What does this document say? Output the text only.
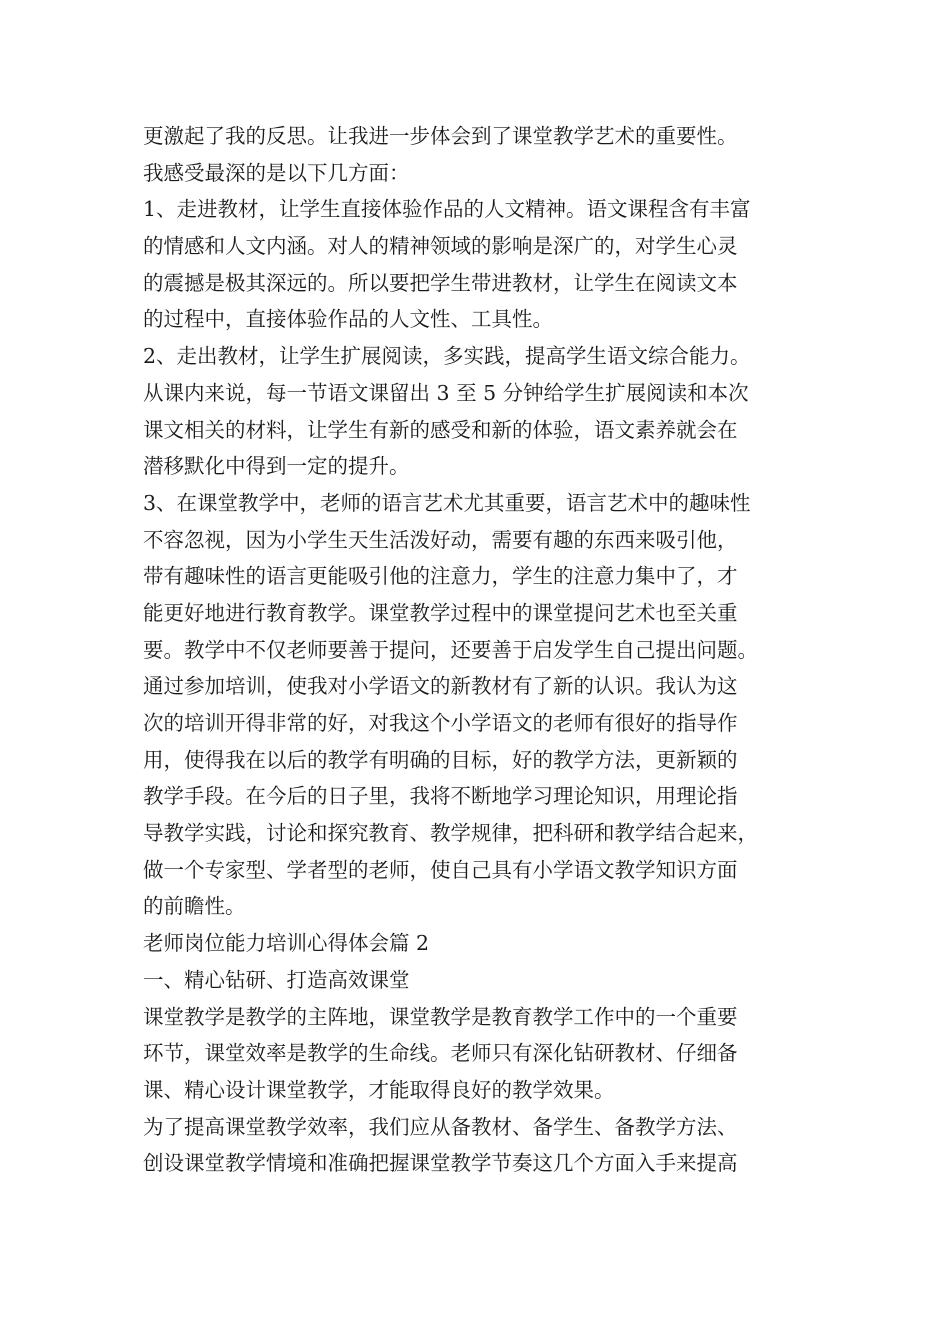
更激起了我的反思。让我进一步体会到了课堂教学艺术的重要性。
我感受最深的是以下几方面：
1、走进教材，让学生直接体验作品的人文精神。语文课程含有丰富
的情感和人文内涵。对人的精神领域的影响是深广的，对学生心灵
的震撼是极其深远的。所以要把学生带进教材，让学生在阅读文本
的过程中，直接体验作品的人文性、工具性。
2、走出教材，让学生扩展阅读，多实践，提高学生语文综合能力。
从课内来说，每一节语文课留出 3 至 5 分钟给学生扩展阅读和本次
课文相关的材料，让学生有新的感受和新的体验，语文素养就会在
潜移默化中得到一定的提升。
3、在课堂教学中，老师的语言艺术尤其重要，语言艺术中的趣味性
不容忽视，因为小学生天生活泼好动，需要有趣的东西来吸引他，
带有趣味性的语言更能吸引他的注意力，学生的注意力集中了，才
能更好地进行教育教学。课堂教学过程中的课堂提问艺术也至关重
要。教学中不仅老师要善于提问，还要善于启发学生自己提出问题。
通过参加培训，使我对小学语文的新教材有了新的认识。我认为这
次的培训开得非常的好，对我这个小学语文的老师有很好的指导作
用，使得我在以后的教学有明确的目标，好的教学方法，更新颖的
教学手段。在今后的日子里，我将不断地学习理论知识，用理论指
导教学实践，讨论和探究教育、教学规律，把科研和教学结合起来，
做一个专家型、学者型的老师，使自己具有小学语文教学知识方面
的前瞻性。
老师岗位能力培训心得体会篇 2
一、精心钻研、打造高效课堂
课堂教学是教学的主阵地，课堂教学是教育教学工作中的一个重要
环节，课堂效率是教学的生命线。老师只有深化钻研教材、仔细备
课、精心设计课堂教学，才能取得良好的教学效果。
为了提高课堂教学效率，我们应从备教材、备学生、备教学方法、
创设课堂教学情境和准确把握课堂教学节奏这几个方面入手来提高
